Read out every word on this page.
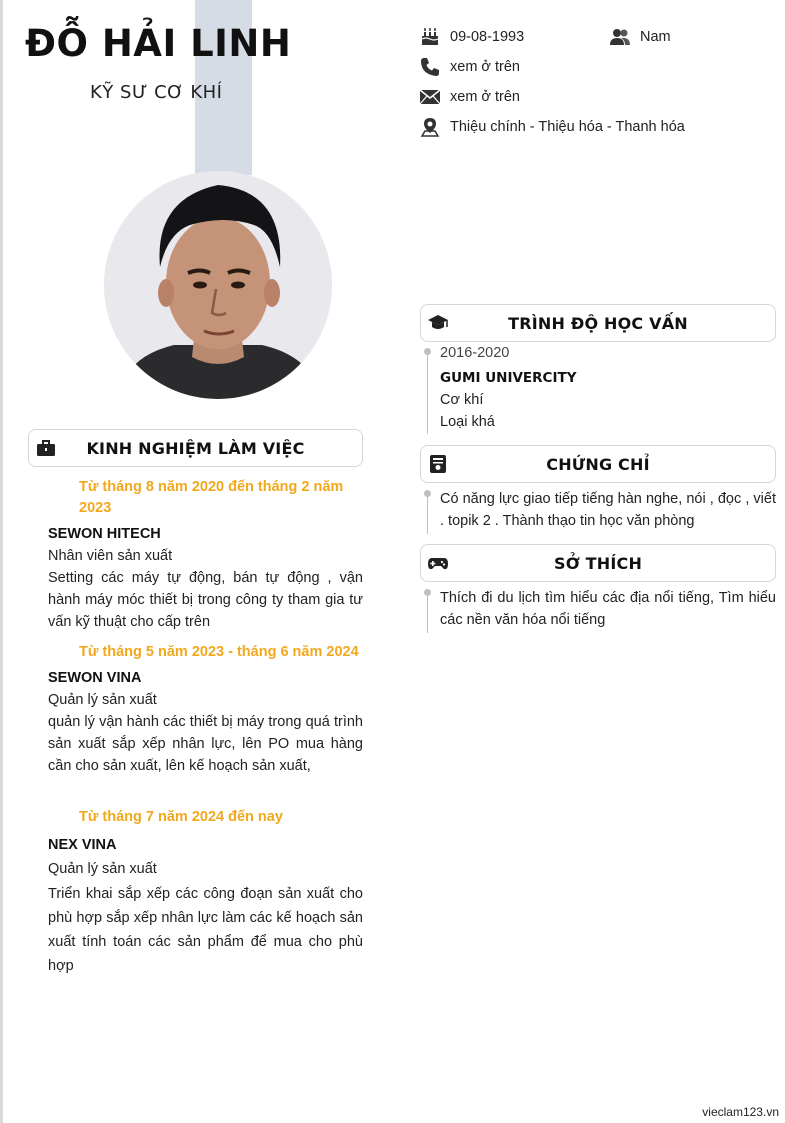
ĐỖ HẢI LINH
KỸ SƯ CƠ KHÍ
09-08-1993	Nam
xem ở trên
xem ở trên
Thiệu chính - Thiệu hóa - Thanh hóa
KINH NGHIỆM LÀM VIỆC
Từ tháng 8 năm 2020 đến tháng 2 năm 2023
SEWON HITECH
Nhân viên sản xuất
Setting các máy tự động, bán tự động , vận hành máy móc thiết bị trong công ty tham gia tư vấn kỹ thuật cho cấp trên
Từ tháng 5 năm 2023 - tháng 6 năm 2024
SEWON VINA
Quản lý sản xuất
quản lý vận hành các thiết bị máy trong quá trình sản xuất sắp xếp nhân lực, lên PO mua hàng cần cho sản xuất, lên kế hoạch sản xuất,
Từ tháng 7 năm 2024 đến nay
NEX VINA
Quản lý sản xuất
Triển khai sắp xếp các công đoạn sản xuất cho phù hợp sắp xếp nhân lực làm các kế hoạch sản xuất tính toán các sản phẩm để mua cho phù hợp
TRÌNH ĐỘ HỌC VẤN
2016-2020
GUMI UNIVERCITY
Cơ khí
Loại khá
CHỨNG CHỈ
Có năng lực giao tiếp tiếng hàn nghe, nói , đọc , viết . topik 2 . Thành thạo tin học văn phòng
SỞ THÍCH
Thích đi du lịch tìm hiểu các địa nổi tiếng, Tìm hiểu các nền văn hóa nổi tiếng
vieclam123.vn
